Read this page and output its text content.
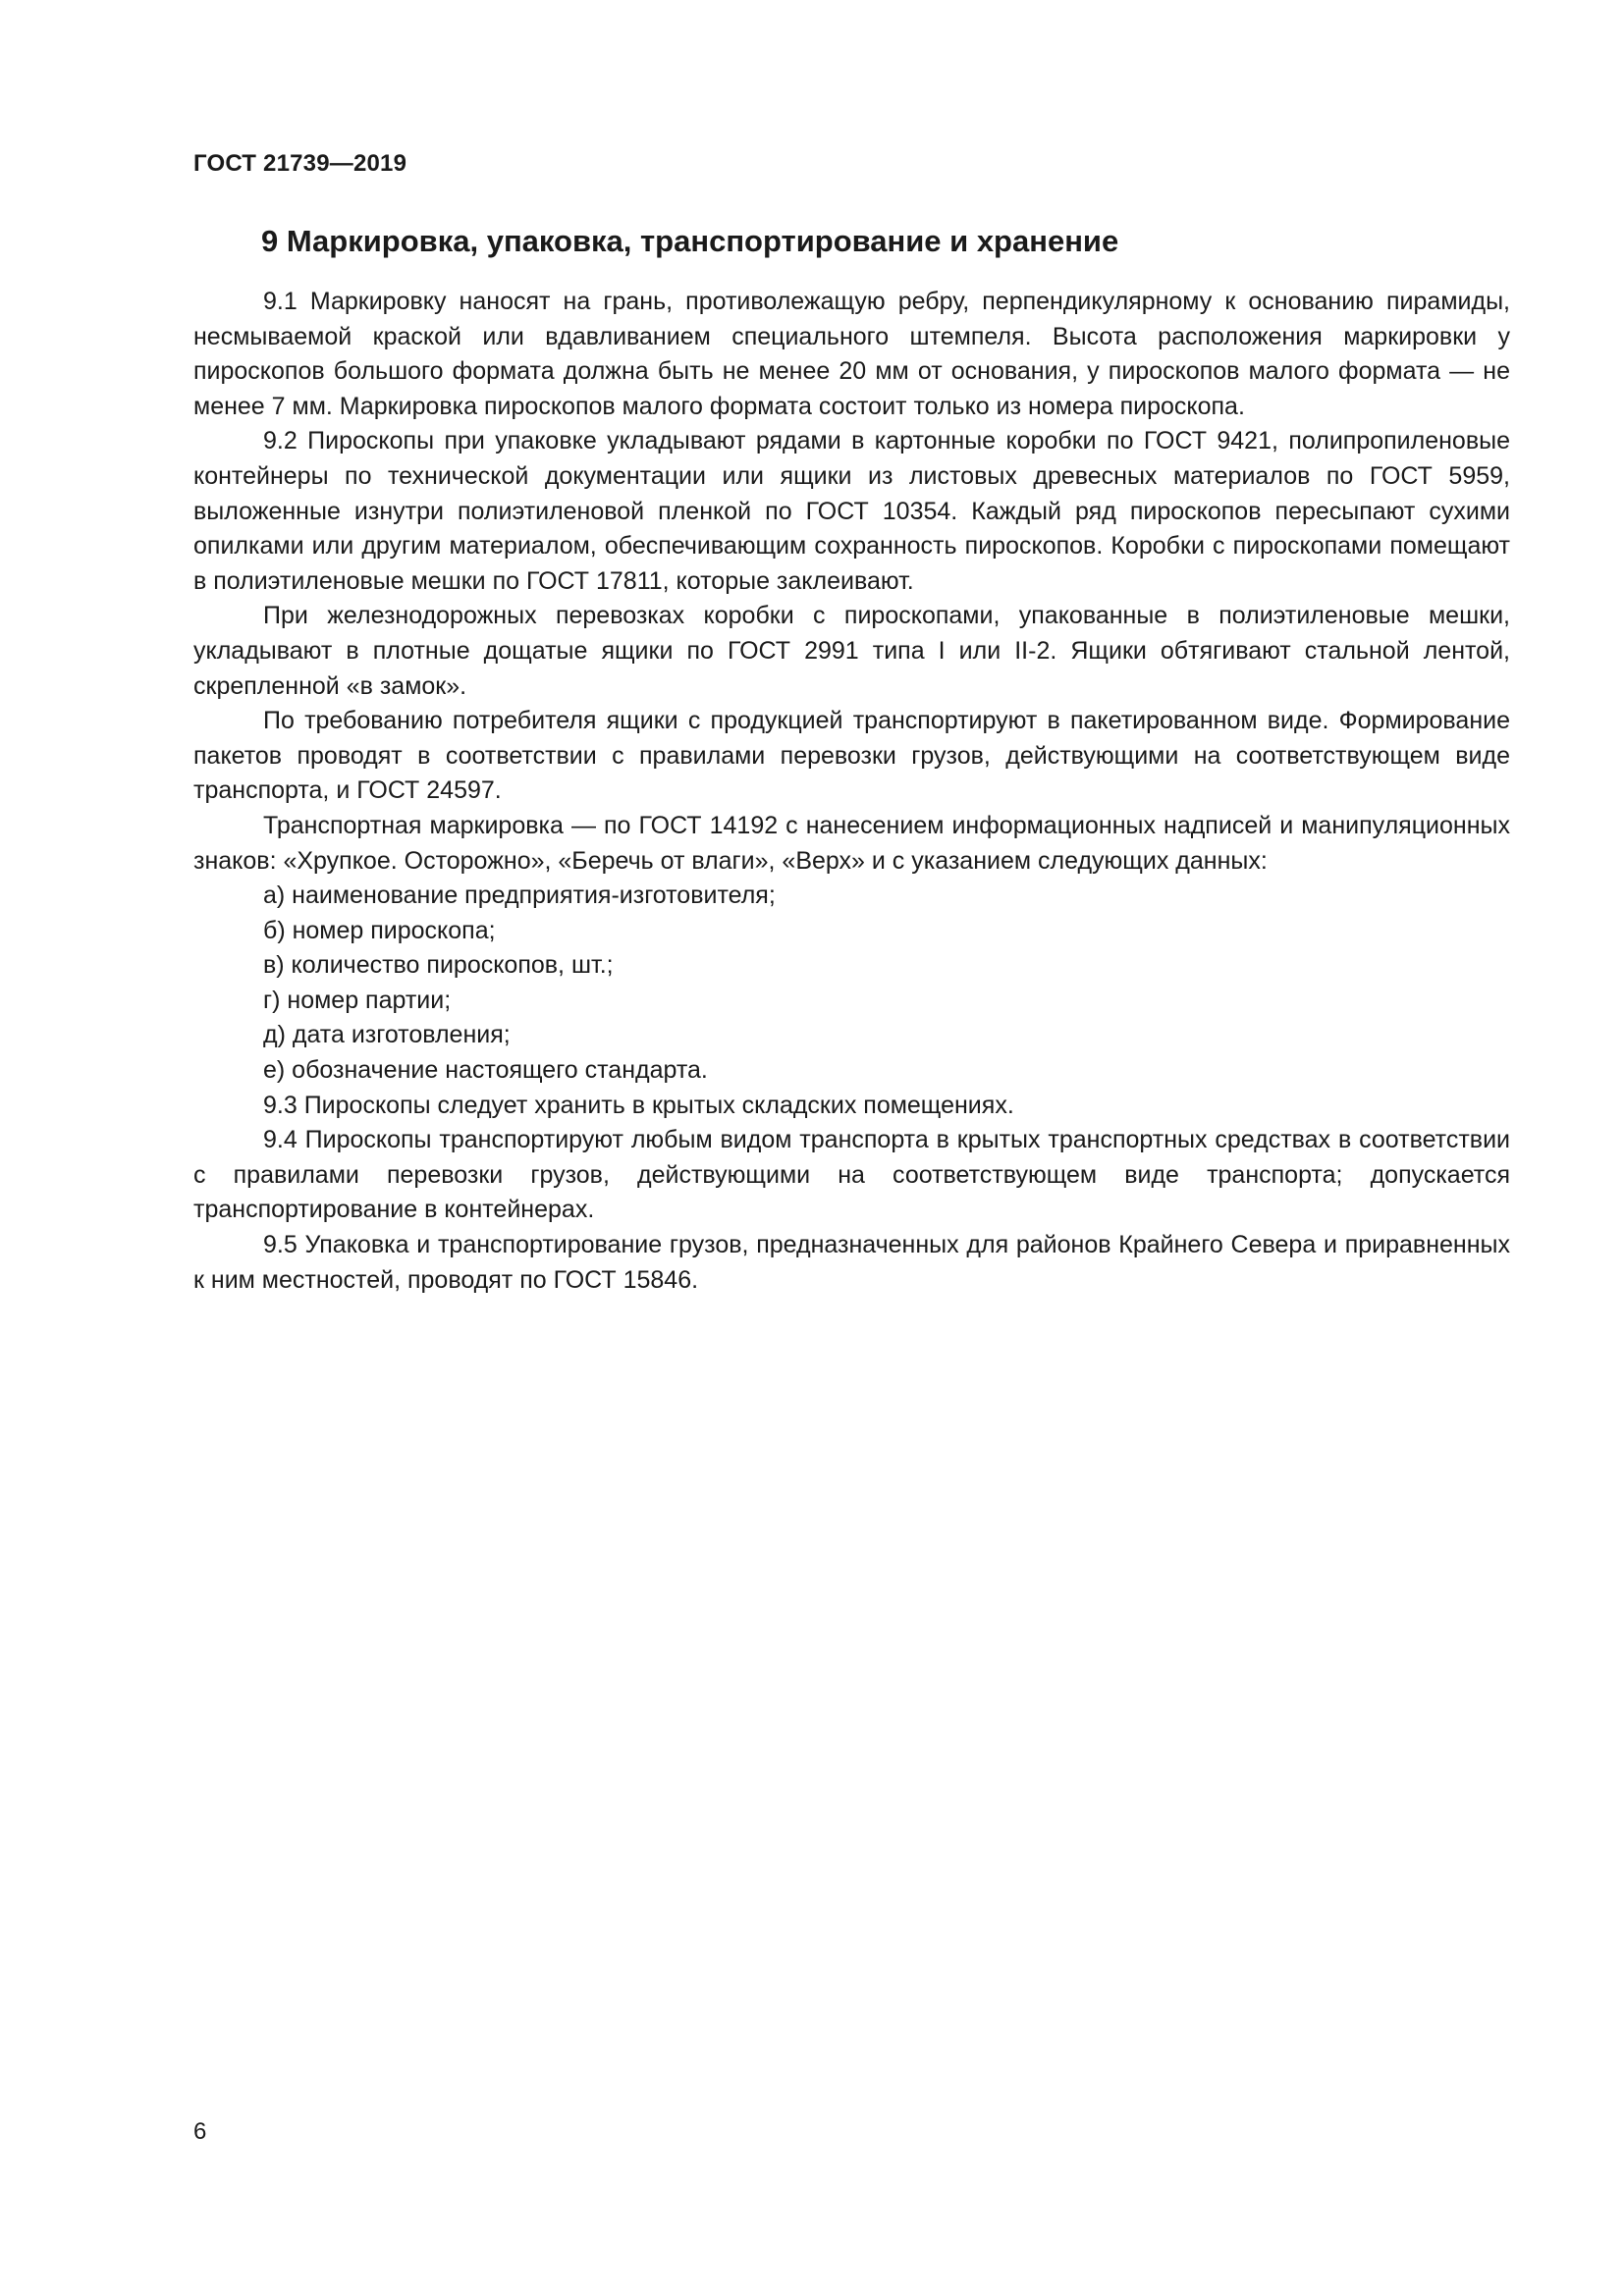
ГОСТ 21739—2019
9 Маркировка, упаковка, транспортирование и хранение

9.1 Маркировку наносят на грань, противолежащую ребру, перпендикулярному к основанию пирамиды, несмываемой краской или вдавливанием специального штемпеля. Высота расположения маркировки у пироскопов большого формата должна быть не менее 20 мм от основания, у пироскопов малого формата — не менее 7 мм. Маркировка пироскопов малого формата состоит только из номера пироскопа.

9.2 Пироскопы при упаковке укладывают рядами в картонные коробки по ГОСТ 9421, полипропиленовые контейнеры по технической документации или ящики из листовых древесных материалов по ГОСТ 5959, выложенные изнутри полиэтиленовой пленкой по ГОСТ 10354. Каждый ряд пироскопов пересыпают сухими опилками или другим материалом, обеспечивающим сохранность пироскопов. Коробки с пироскопами помещают в полиэтиленовые мешки по ГОСТ 17811, которые заклеивают.

При железнодорожных перевозках коробки с пироскопами, упакованные в полиэтиленовые мешки, укладывают в плотные дощатые ящики по ГОСТ 2991 типа I или II-2. Ящики обтягивают стальной лентой, скрепленной «в замок».

По требованию потребителя ящики с продукцией транспортируют в пакетированном виде. Формирование пакетов проводят в соответствии с правилами перевозки грузов, действующими на соответствующем виде транспорта, и ГОСТ 24597.

Транспортная маркировка — по ГОСТ 14192 с нанесением информационных надписей и манипуляционных знаков: «Хрупкое. Осторожно», «Беречь от влаги», «Верх» и с указанием следующих данных:

а) наименование предприятия-изготовителя;

б) номер пироскопа;

в) количество пироскопов, шт.;

г) номер партии;

д) дата изготовления;

е) обозначение настоящего стандарта.

9.3 Пироскопы следует хранить в крытых складских помещениях.

9.4 Пироскопы транспортируют любым видом транспорта в крытых транспортных средствах в соответствии с правилами перевозки грузов, действующими на соответствующем виде транспорта; допускается транспортирование в контейнерах.

9.5 Упаковка и транспортирование грузов, предназначенных для районов Крайнего Севера и приравненных к ним местностей, проводят по ГОСТ 15846.

6
